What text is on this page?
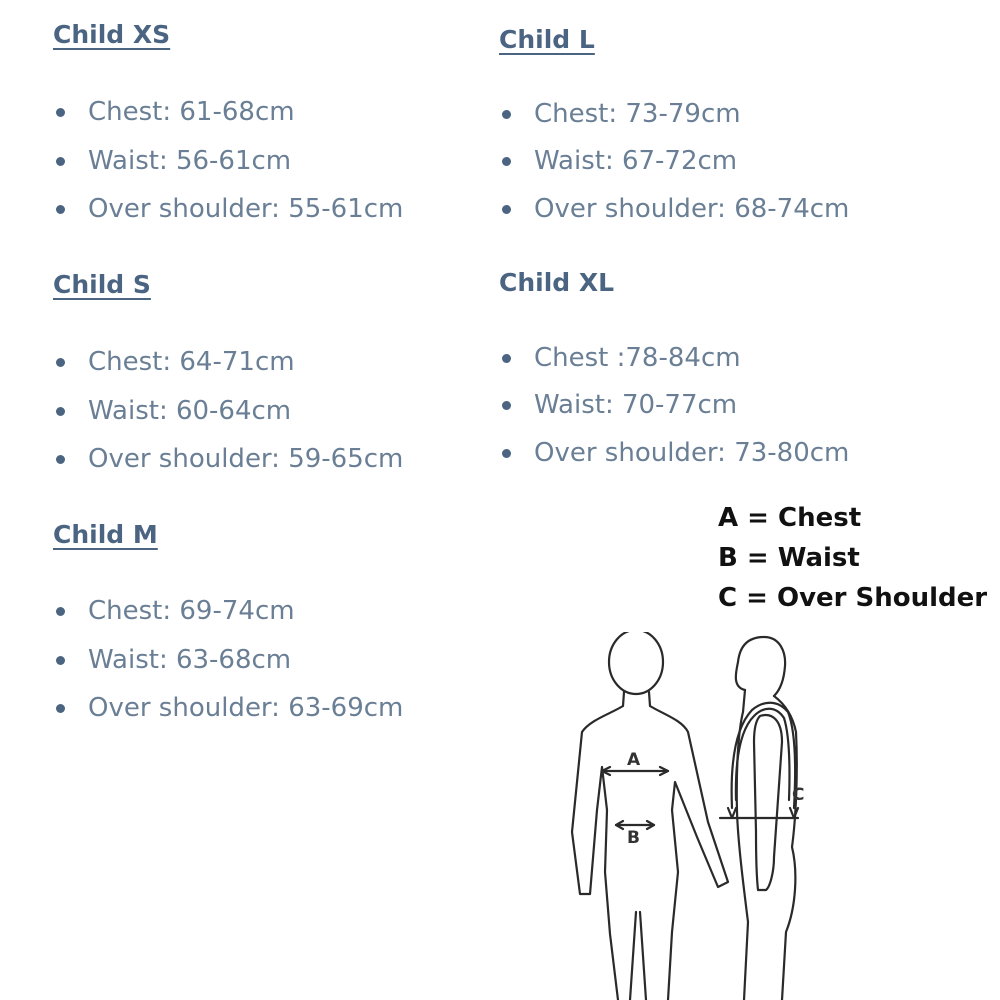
Child XS
Chest: 61-68cm
Waist: 56-61cm
Over shoulder: 55-61cm
Child S
Chest: 64-71cm
Waist: 60-64cm
Over shoulder: 59-65cm
Child M
Chest: 69-74cm
Waist: 63-68cm
Over shoulder: 63-69cm
Child L
Chest: 73-79cm
Waist: 67-72cm
Over shoulder: 68-74cm
Child XL
Chest :78-84cm
Waist: 70-77cm
Over shoulder: 73-80cm
A = Chest
B = Waist
C = Over Shoulder
A
B
C
